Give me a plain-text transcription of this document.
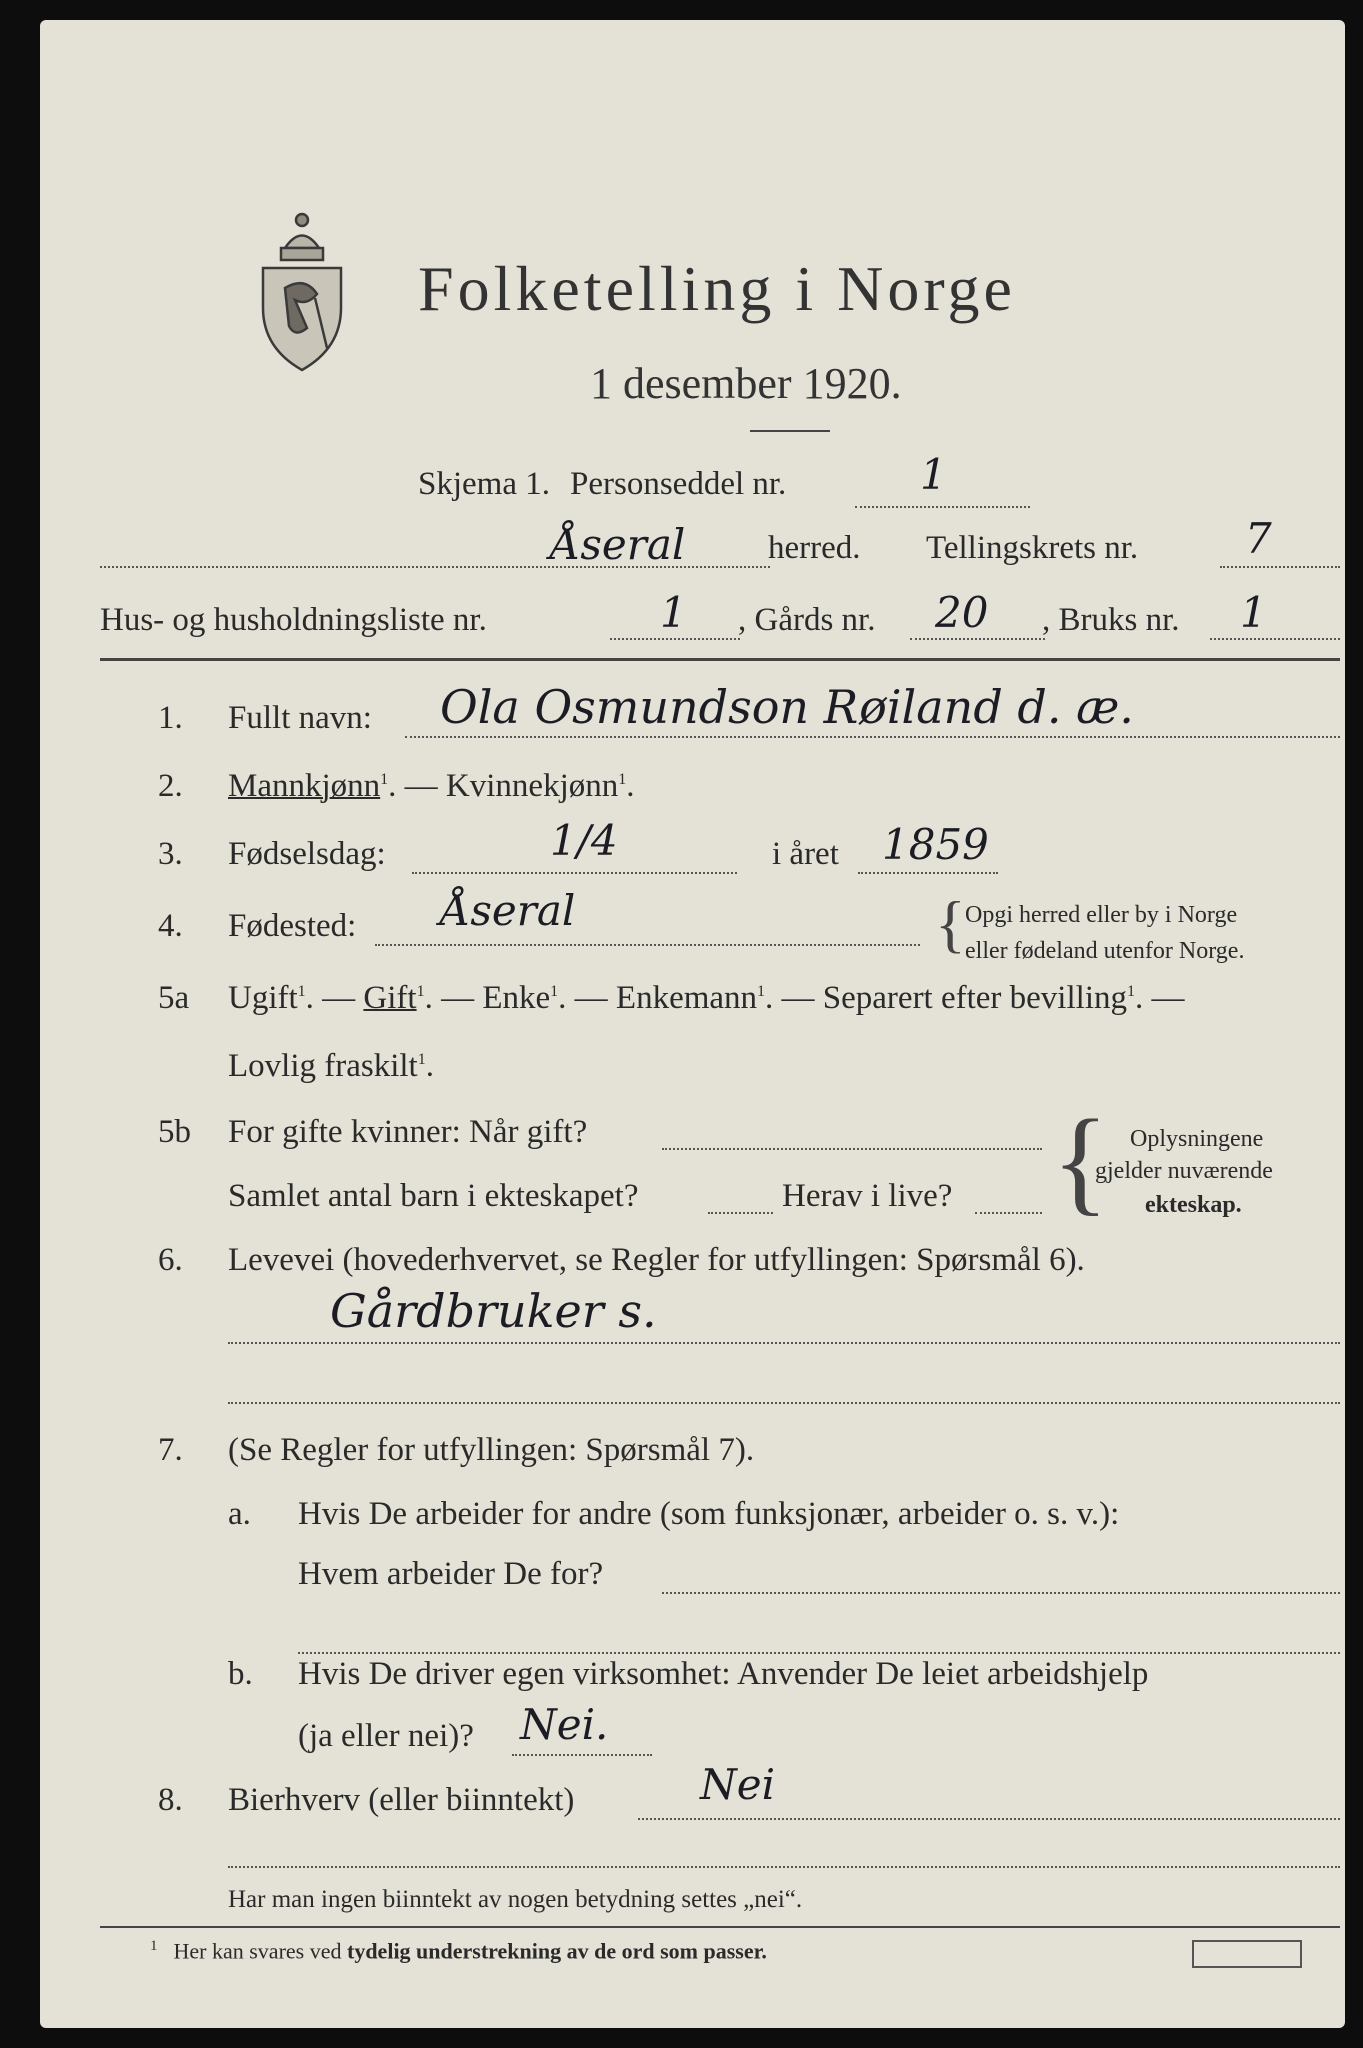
Folketelling i Norge
1 desember 1920.
Skjema 1. Personseddel nr.	1
Åseral	herred. Tellingskrets nr.	7
Hus- og husholdningsliste nr.	1 , Gårds nr. 20 , Bruks nr. 1
1. Fullt navn: Ola Osmundson Røiland d. æ.
2. Mannkjønn$^1$. — Kvinnekjønn$^1$.
3. Fødselsdag:	1/4	i året 1859
4. Fødested: Åseral	{ Opgi herred eller by i Norge
eller fødeland utenfor Norge.
5a Ugift$^1$. — Gift$^1$. — Enke$^1$. — Enkemann$^1$. — Separert efter bevilling$^1$. —
Lovlig fraskilt$^1$.
5b For gifte kvinner: Når gift?
Samlet antal barn i ekteskapet?	Herav i live? { Oplysningene
gjelder nuværende
ekteskap.
6. Levevei (hovederhvervet, se Regler for utfyllingen: Spørsmål 6).
Gårdbruker s.
7. (Se Regler for utfyllingen: Spørsmål 7).
a. Hvis De arbeider for andre (som funksjonær, arbeider o. s. v.):
Hvem arbeider De for?
b. Hvis De driver egen virksomhet: Anvender De leiet arbeidshjelp
(ja eller nei)? Nei.
8. Bierhverv (eller biinntekt)	Nei
Har man ingen biinntekt av nogen betydning settes „nei“.
$^1$ Her kan svares ved tydelig understrekning av de ord som passer.
